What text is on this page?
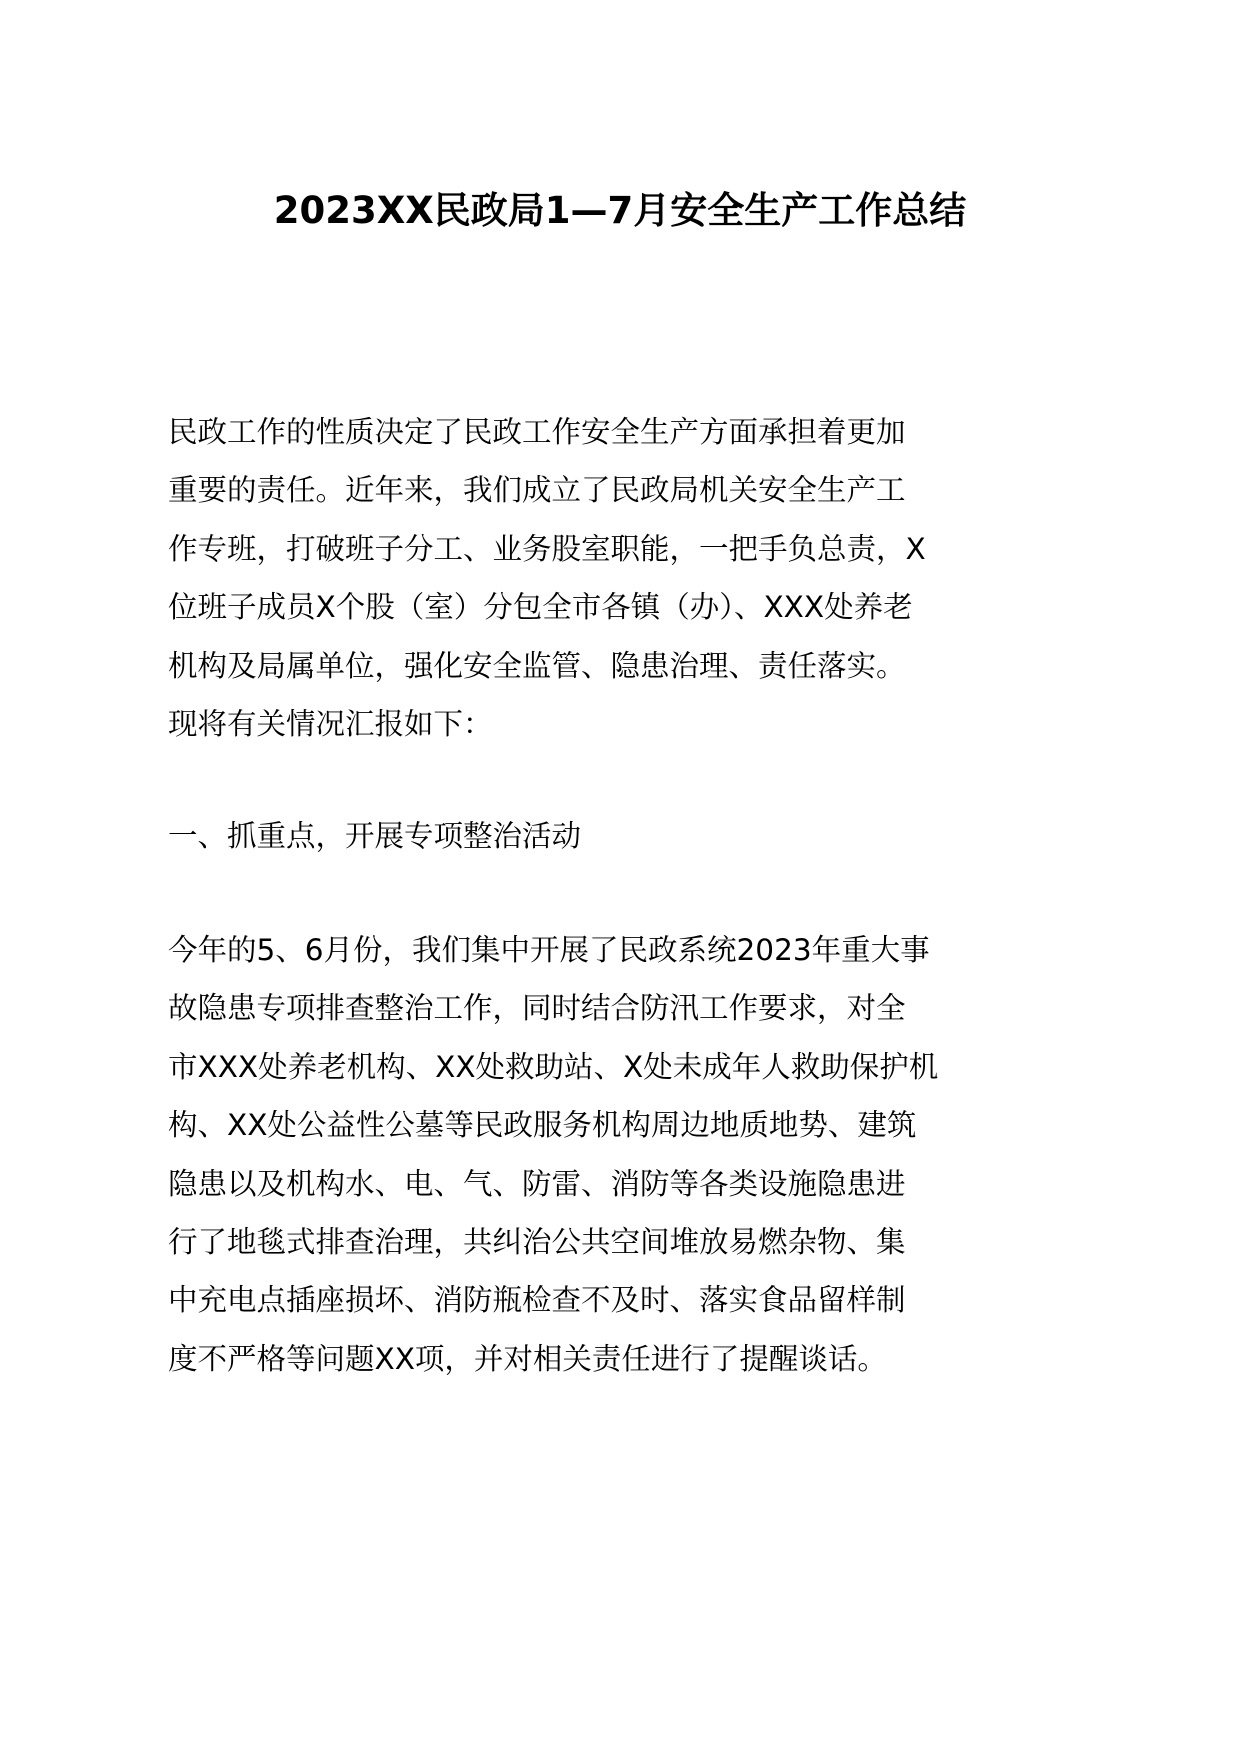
2023XX民政局1—7月安全生产工作总结
民政工作的性质决定了民政工作安全生产方面承担着更加
重要的责任。近年来，我们成立了民政局机关安全生产工
作专班，打破班子分工、业务股室职能，一把手负总责，X
位班子成员X个股（室）分包全市各镇（办）、XXX处养老
机构及局属单位，强化安全监管、隐患治理、责任落实。
现将有关情况汇报如下：
一、抓重点，开展专项整治活动
今年的5、6月份，我们集中开展了民政系统2023年重大事
故隐患专项排查整治工作，同时结合防汛工作要求，对全
市XXX处养老机构、XX处救助站、X处未成年人救助保护机
构、XX处公益性公墓等民政服务机构周边地质地势、建筑
隐患以及机构水、电、气、防雷、消防等各类设施隐患进
行了地毯式排查治理，共纠治公共空间堆放易燃杂物、集
中充电点插座损坏、消防瓶检查不及时、落实食品留样制
度不严格等问题XX项，并对相关责任进行了提醒谈话。
